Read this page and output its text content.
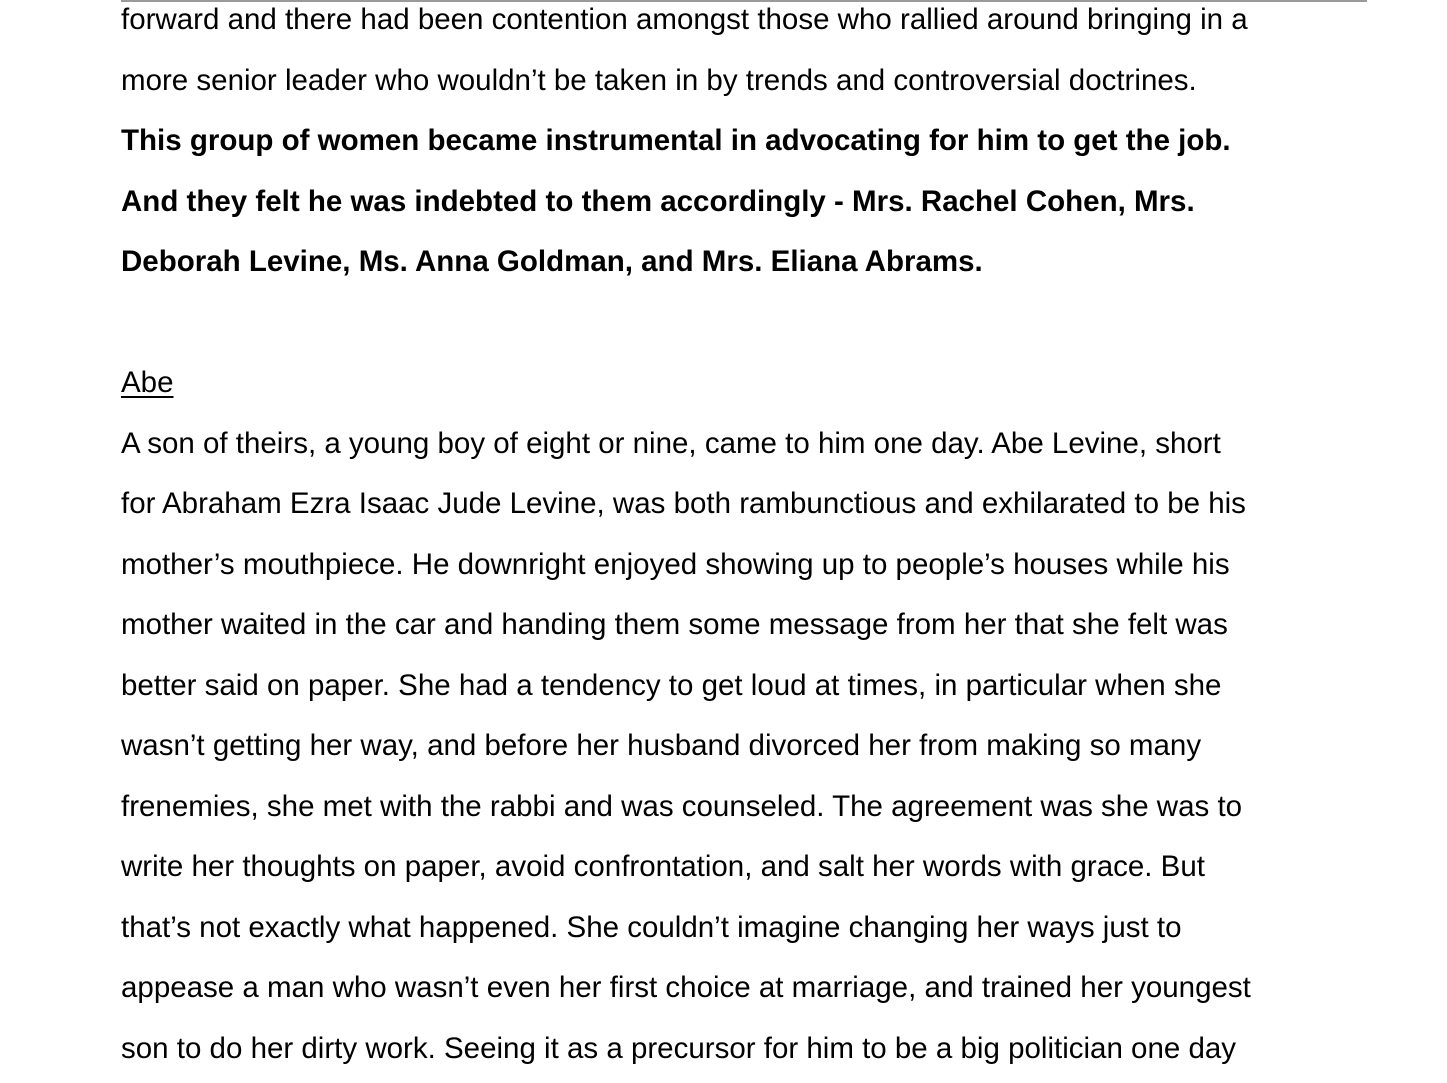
forward and there had been contention amongst those who rallied around bringing in a
more senior leader who wouldn’t be taken in by trends and controversial doctrines.
This group of women became instrumental in advocating for him to get the job.
And they felt he was indebted to them accordingly - Mrs. Rachel Cohen, Mrs.
Deborah Levine, Ms. Anna Goldman, and Mrs. Eliana Abrams.
Abe
A son of theirs, a young boy of eight or nine, came to him one day. Abe Levine, short
for Abraham Ezra Isaac Jude Levine, was both rambunctious and exhilarated to be his
mother’s mouthpiece. He downright enjoyed showing up to people’s houses while his
mother waited in the car and handing them some message from her that she felt was
better said on paper. She had a tendency to get loud at times, in particular when she
wasn’t getting her way, and before her husband divorced her from making so many
frenemies, she met with the rabbi and was counseled. The agreement was she was to
write her thoughts on paper, avoid confrontation, and salt her words with grace. But
that’s not exactly what happened. She couldn’t imagine changing her ways just to
appease a man who wasn’t even her first choice at marriage, and trained her youngest
son to do her dirty work. Seeing it as a precursor for him to be a big politician one day
